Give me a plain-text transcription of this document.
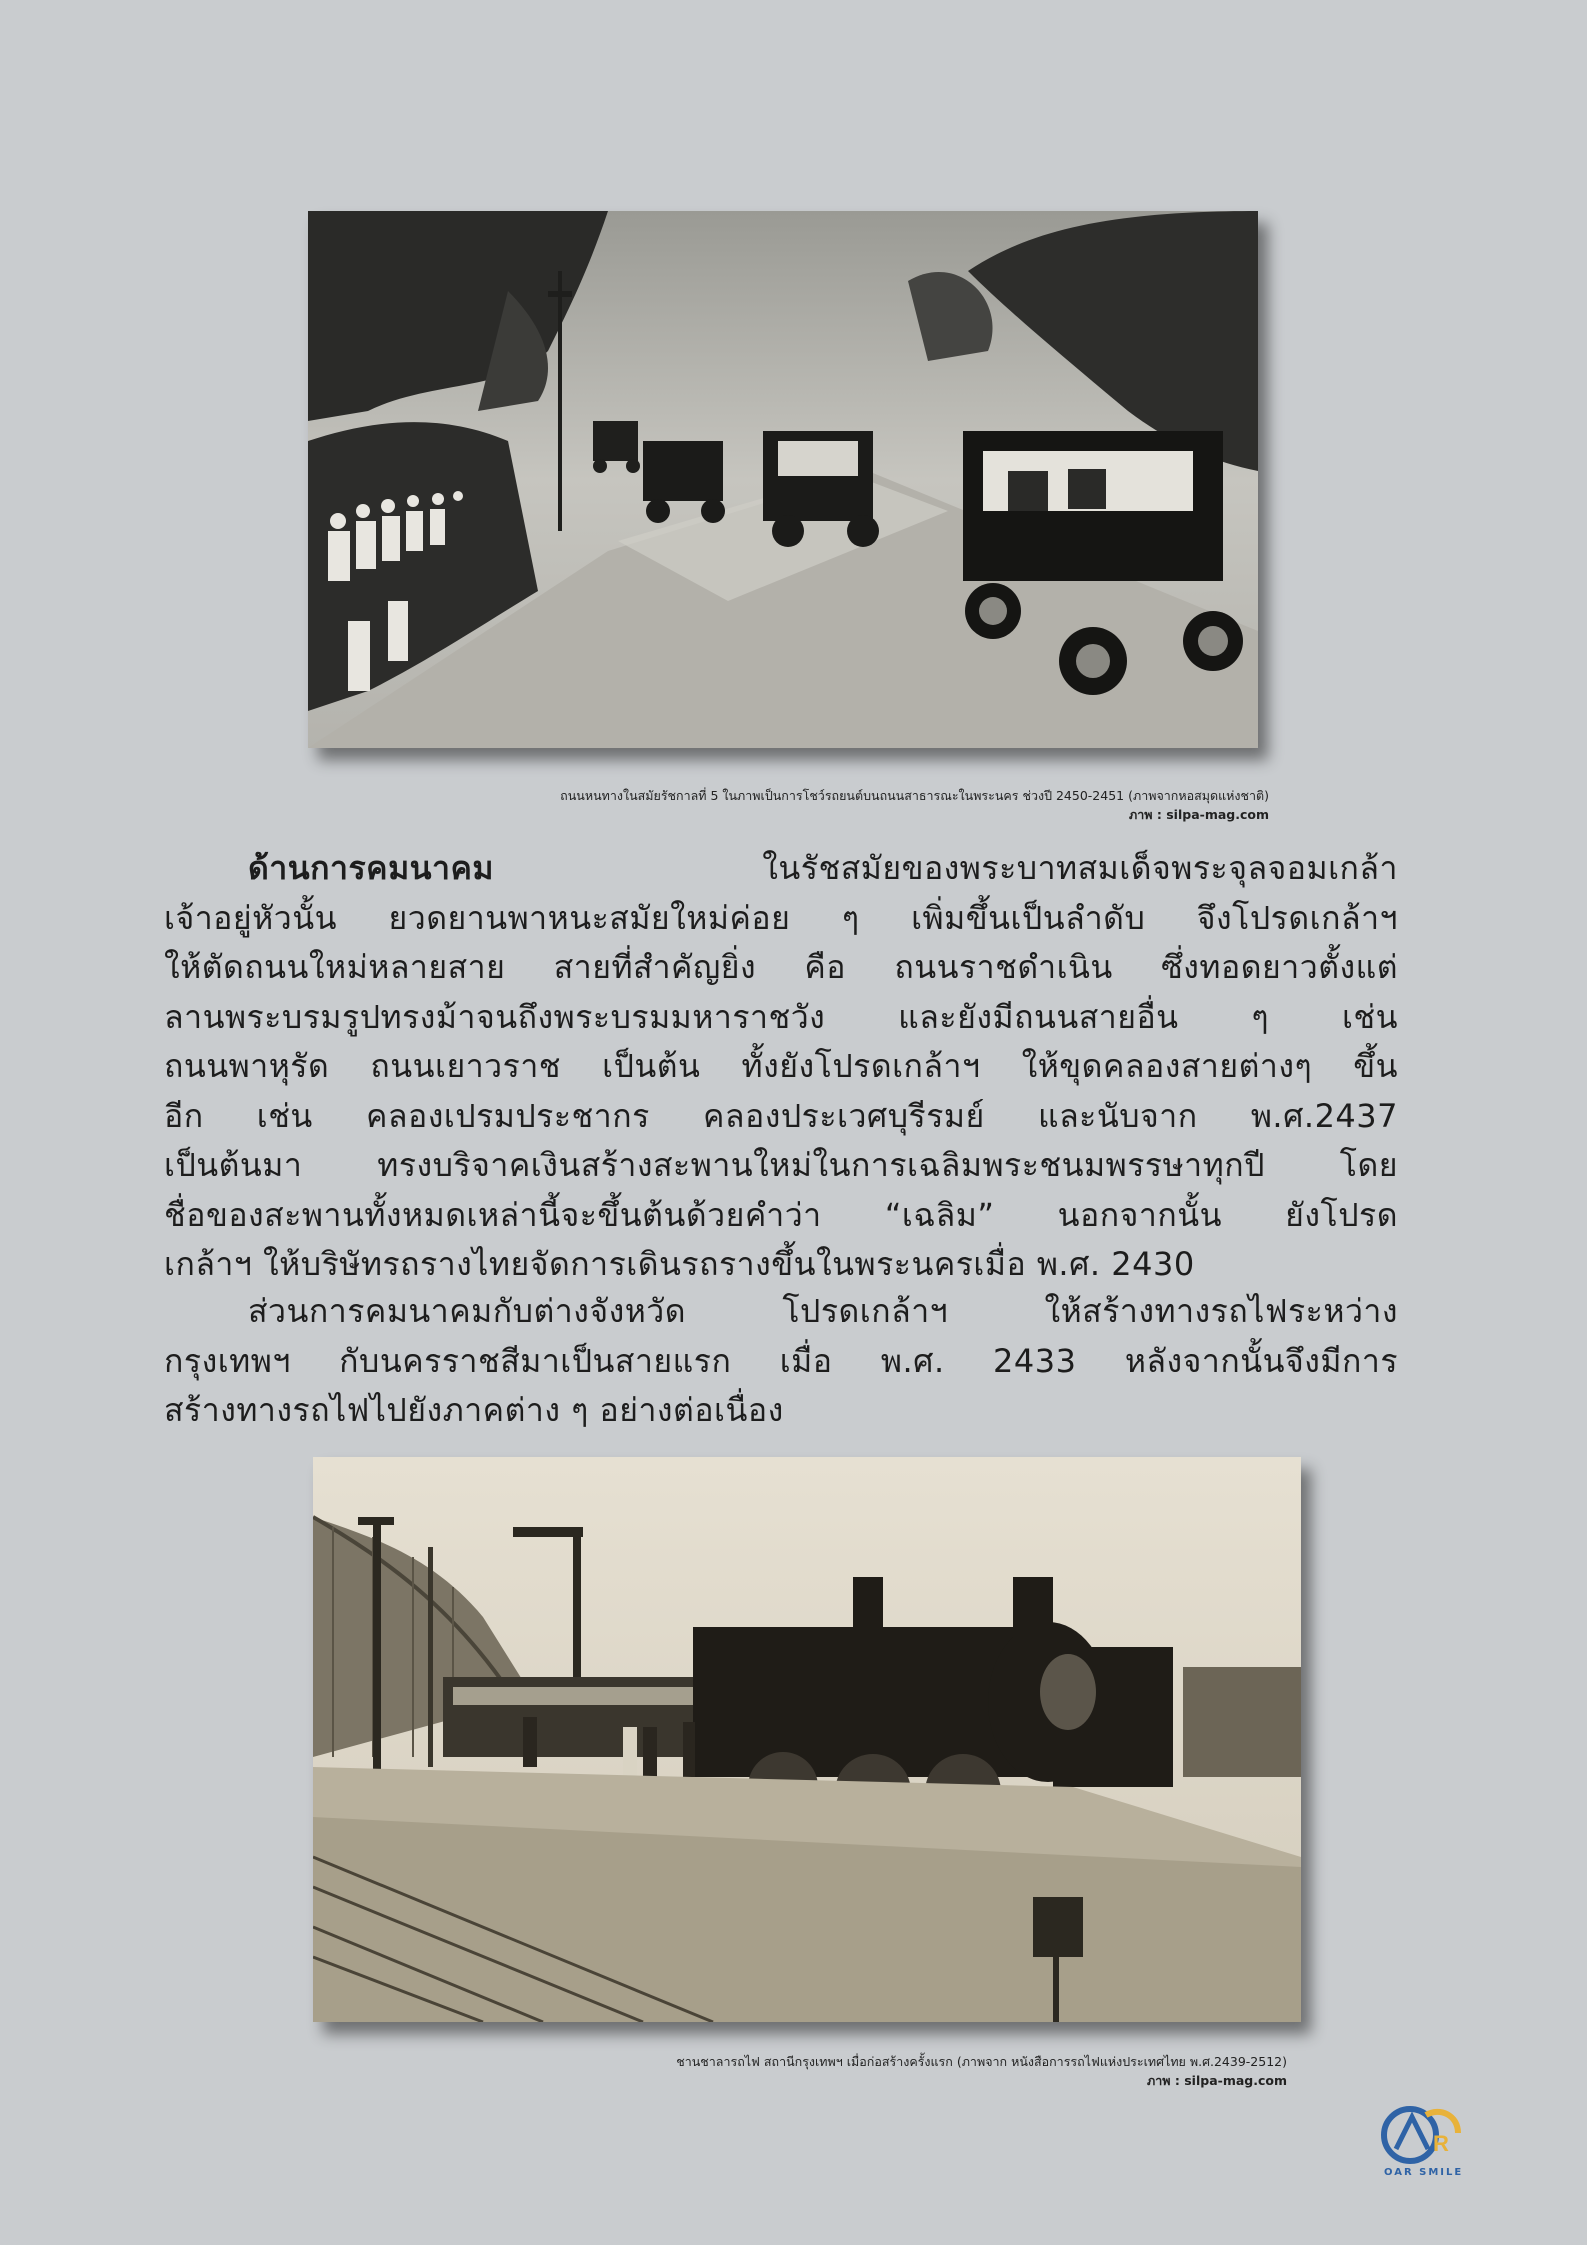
ถนนหนทางในสมัยรัชกาลที่ 5 ในภาพเป็นการโชว์รถยนต์บนถนนสาธารณะในพระนคร ช่วงปี 2450-2451 (ภาพจากหอสมุดแห่งชาติ)
ภาพ : silpa-mag.com
ด้านการคมนาคม ในรัชสมัยของพระบาทสมเด็จพระจุลจอมเกล้า
เจ้าอยู่หัวนั้น ยวดยานพาหนะสมัยใหม่ค่อย ๆ เพิ่มขึ้นเป็นลำดับ จึงโปรดเกล้าฯ
ให้ตัดถนนใหม่หลายสาย สายที่สำคัญยิ่ง คือ ถนนราชดำเนิน ซึ่งทอดยาวตั้งแต่
ลานพระบรมรูปทรงม้าจนถึงพระบรมมหาราชวัง และยังมีถนนสายอื่น ๆ เช่น
ถนนพาหุรัด ถนนเยาวราช เป็นต้น ทั้งยังโปรดเกล้าฯ ให้ขุดคลองสายต่างๆ ขึ้น
อีก เช่น คลองเปรมประชากร คลองประเวศบุรีรมย์ และนับจาก พ.ศ.2437
เป็นต้นมา ทรงบริจาคเงินสร้างสะพานใหม่ในการเฉลิมพระชนมพรรษาทุกปี โดย
ชื่อของสะพานทั้งหมดเหล่านี้จะขึ้นต้นด้วยคำว่า “เฉลิม” นอกจากนั้น ยังโปรด
เกล้าฯ ให้บริษัทรถรางไทยจัดการเดินรถรางขึ้นในพระนครเมื่อ พ.ศ. 2430
ส่วนการคมนาคมกับต่างจังหวัด โปรดเกล้าฯ ให้สร้างทางรถไฟระหว่าง
กรุงเทพฯ กับนครราชสีมาเป็นสายแรก เมื่อ พ.ศ. 2433 หลังจากนั้นจึงมีการ
สร้างทางรถไฟไปยังภาคต่าง ๆ อย่างต่อเนื่อง
ชานชาลารถไฟ สถานีกรุงเทพฯ เมื่อก่อสร้างครั้งแรก (ภาพจาก หนังสือการรถไฟแห่งประเทศไทย พ.ศ.2439-2512)
ภาพ : silpa-mag.com
R
OAR SMILE
